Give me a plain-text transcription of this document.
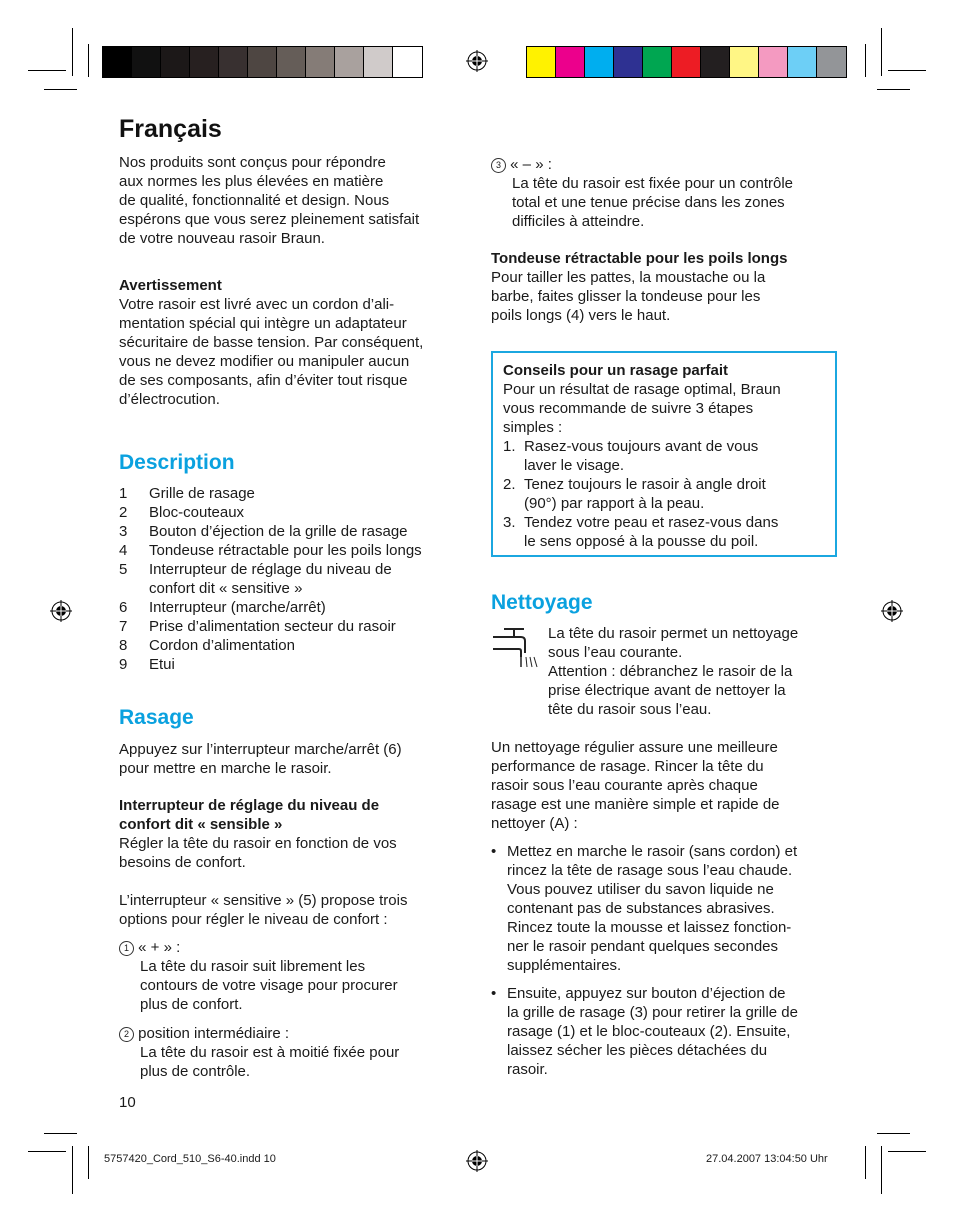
Français
Nos produits sont conçus pour répondre
aux normes les plus élevées en matière
de qualité, fonctionnalité et design. Nous
espérons que vous serez pleinement satisfait
de votre nouveau rasoir Braun.
Avertissement
Votre rasoir est livré avec un cordon d’ali-
mentation spécial qui intègre un adaptateur
sécuritaire de basse tension. Par conséquent,
vous ne devez modifier ou manipuler aucun
de ses composants, afin d’éviter tout risque
d’électrocution.
Description
1	Grille de rasage
2	Bloc-couteaux
3	Bouton d’éjection de la grille de rasage
4	Tondeuse rétractable pour les poils longs
5	Interrupteur de réglage du niveau de
confort dit « sensitive »
6	Interrupteur (marche/arrêt)
7	Prise d’alimentation secteur du rasoir
8	Cordon d’alimentation
9	Etui
Rasage
Appuyez sur l’interrupteur marche/arrêt (6)
pour mettre en marche le rasoir.
Interrupteur de réglage du niveau de
confort dit « sensible »
Régler la tête du rasoir en fonction de vos
besoins de confort.
L’interrupteur « sensitive » (5) propose trois
options pour régler le niveau de confort :
1 « + » :
La tête du rasoir suit librement les
contours de votre visage pour procurer
plus de confort.
2 position intermédiaire :
La tête du rasoir est à moitié fixée pour
plus de contrôle.
10
3 « – » :
La tête du rasoir est fixée pour un contrôle
total et une tenue précise dans les zones
difficiles à atteindre.
Tondeuse rétractable pour les poils longs
Pour tailler les pattes, la moustache ou la
barbe, faites glisser la tondeuse pour les
poils longs (4) vers le haut.
Conseils pour un rasage parfait
Pour un résultat de rasage optimal, Braun
vous recommande de suivre 3 étapes
simples :
1. Rasez-vous toujours avant de vous
laver le visage.
2. Tenez toujours le rasoir à angle droit
(90°) par rapport à la peau.
3. Tendez votre peau et rasez-vous dans
le sens opposé à la pousse du poil.
Nettoyage
La tête du rasoir permet un nettoyage
sous l’eau courante.
Attention : débranchez le rasoir de la
prise électrique avant de nettoyer la
tête du rasoir sous l’eau.
Un nettoyage régulier assure une meilleure
performance de rasage. Rincer la tête du
rasoir sous l’eau courante après chaque
rasage est une manière simple et rapide de
nettoyer (A) :
• Mettez en marche le rasoir (sans cordon) et
rincez la tête de rasage sous l’eau chaude.
Vous pouvez utiliser du savon liquide ne
contenant pas de substances abrasives.
Rincez toute la mousse et laissez fonction-
ner le rasoir pendant quelques secondes
supplémentaires.
• Ensuite, appuyez sur bouton d’éjection de
la grille de rasage (3) pour retirer la grille de
rasage (1) et le bloc-couteaux (2). Ensuite,
laissez sécher les pièces détachées du
rasoir.
5757420_Cord_510_S6-40.indd 10	27.04.2007 13:04:50 Uhr
